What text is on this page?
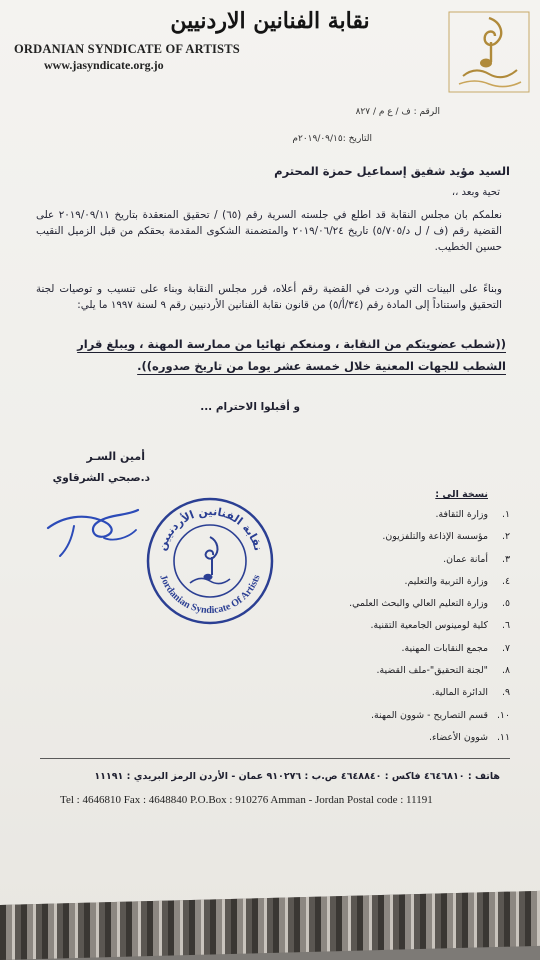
نقابة الفنانين الاردنيين
ORDANIAN SYNDICATE OF ARTISTS
www.jasyndicate.org.jo
الرقم : ف / ع م / ٨٢٧
التاريخ :٢٠١٩/٠٩/١٥م
السيد مؤيد شفيق إسماعيل حمزة المحترم
تحية وبعد ،،
نعلمكم بان مجلس النقابة قد اطلع في جلسته السرية رقم (٦٥) / تحقيق المنعقدة بتاريخ ٢٠١٩/٠٩/١١ على القضية رقم (ف / ل د/٥/٧٠٥) تاريخ ٢٠١٩/٠٦/٢٤ والمتضمنة الشكوى المقدمة بحقكم من قبل الزميل النقيب حسين الخطيب.
وبناءً على البينات التي وردت في القضية رقم أعلاه، قرر مجلس النقابة وبناء على تنسيب و توصيات لجنة التحقيق واستناداً إلى المادة رقم (٣٤/أ/٥) من قانون نقابة الفنانين الأردنيين رقم ٩ لسنة ١٩٩٧ ما يلي:
((شطب عضويتكم من النقابة ، ومنعكم نهائيا من ممارسة المهنة ، ويبلغ قرار الشطب للجهات المعنية خلال خمسة عشر يوما من تاريخ صدوره)).
و أقبلوا الاحترام ...
أمين السـر
د.صبحي الشرقاوي
نقابة الفنانين الأردنيين
Jordanian Syndicate Of Artists
نسخة الى :
١.
وزارة الثقافة.
٢.
مؤسسة الإذاعة والتلفزيون.
٣.
أمانة عمان.
٤.
وزارة التربية والتعليم.
٥.
وزارة التعليم العالي والبحث العلمي.
٦.
كلية لومينوس الجامعية التقنية.
٧.
مجمع النقابات المهنية.
٨.
"لجنة التحقيق"-ملف القضية.
٩.
الدائرة المالية.
١٠.
قسم التصاريح - شوون المهنة.
١١.
شوون الأعضاء.
هاتف : ٤٦٤٦٨١٠ فاكس : ٤٦٤٨٨٤٠ ص.ب : ٩١٠٢٧٦ عمان - الأردن الرمز البريدي : ١١١٩١
Tel : 4646810 Fax : 4648840 P.O.Box : 910276 Amman - Jordan Postal code : 11191
